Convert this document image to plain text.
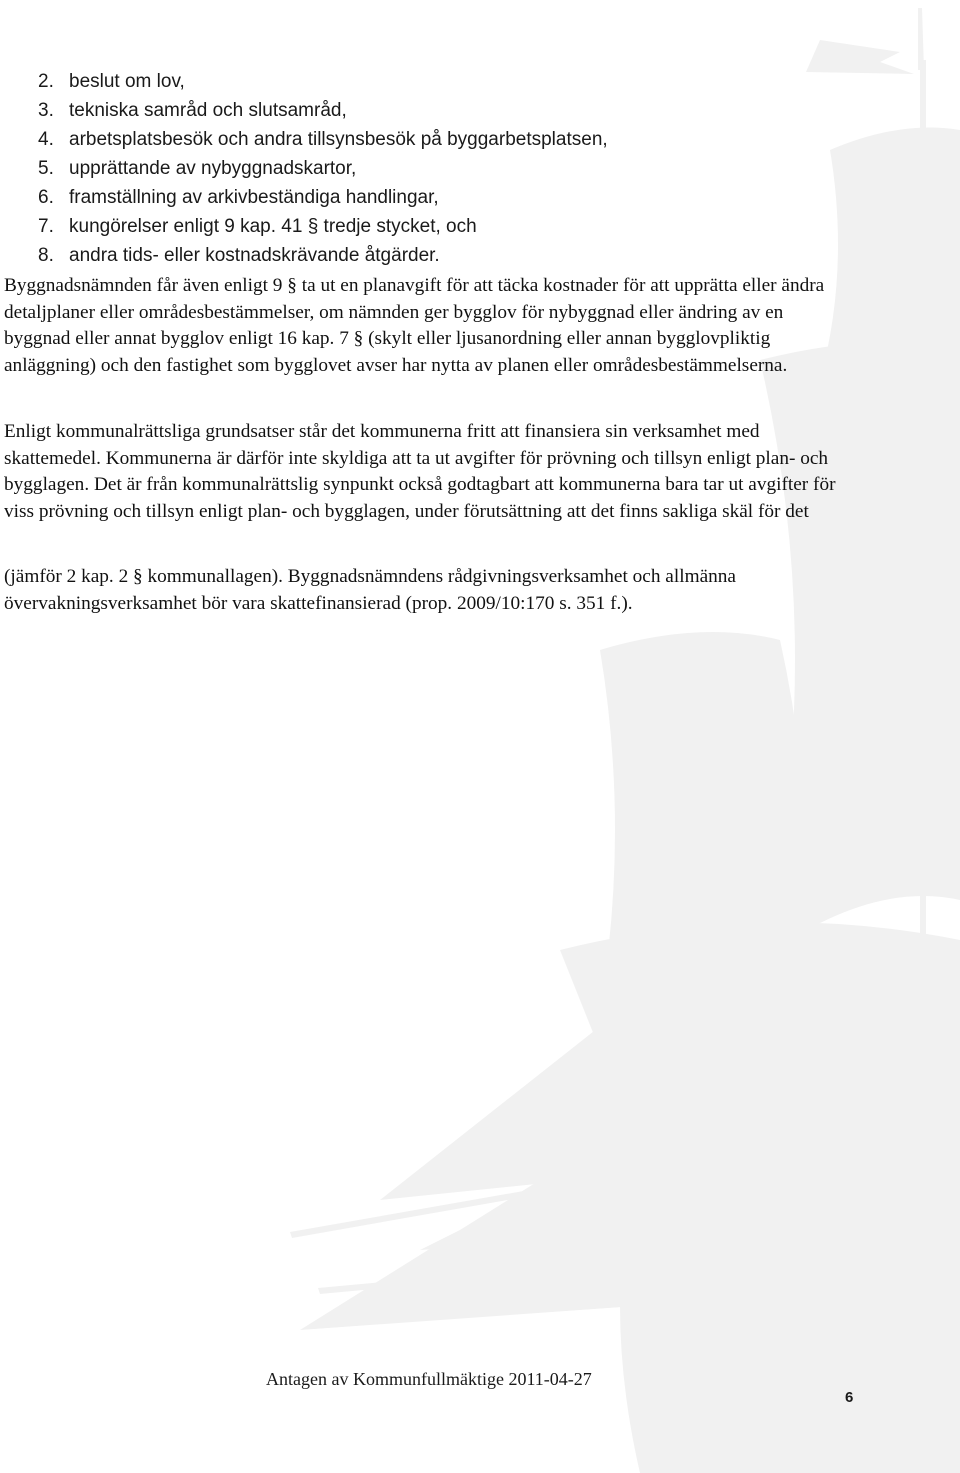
2. beslut om lov,
3. tekniska samråd och slutsamråd,
4. arbetsplatsbesök och andra tillsynsbesök på byggarbetsplatsen,
5. upprättande av nybyggnadskartor,
6. framställning av arkivbeständiga handlingar,
7. kungörelser enligt 9 kap. 41 § tredje stycket, och
8. andra tids- eller kostnadskrävande åtgärder.

Byggnadsnämnden får även enligt 9 § ta ut en planavgift för att täcka kostnader för att upprätta eller ändra detaljplaner eller områdesbestämmelser, om nämnden ger bygglov för nybyggnad eller ändring av en byggnad eller annat bygglov enligt 16 kap. 7 § (skylt eller ljusanordning eller annan bygglovpliktig anläggning) och den fastighet som bygglovet avser har nytta av planen eller områdesbestämmelserna.

Enligt kommunalrättsliga grundsatser står det kommunerna fritt att finansiera sin verksamhet med skattemedel. Kommunerna är därför inte skyldiga att ta ut avgifter för prövning och tillsyn enligt plan- och bygglagen. Det är från kommunalrättslig synpunkt också godtagbart att kommunerna bara tar ut avgifter för viss prövning och tillsyn enligt plan- och bygglagen, under förutsättning att det finns sakliga skäl för det

(jämför 2 kap. 2 § kommunallagen). Byggnadsnämndens rådgivningsverksamhet och allmänna övervakningsverksamhet bör vara skattefinansierad (prop. 2009/10:170 s. 351 f.).

Antagen av Kommunfullmäktige 2011-04-27
6
